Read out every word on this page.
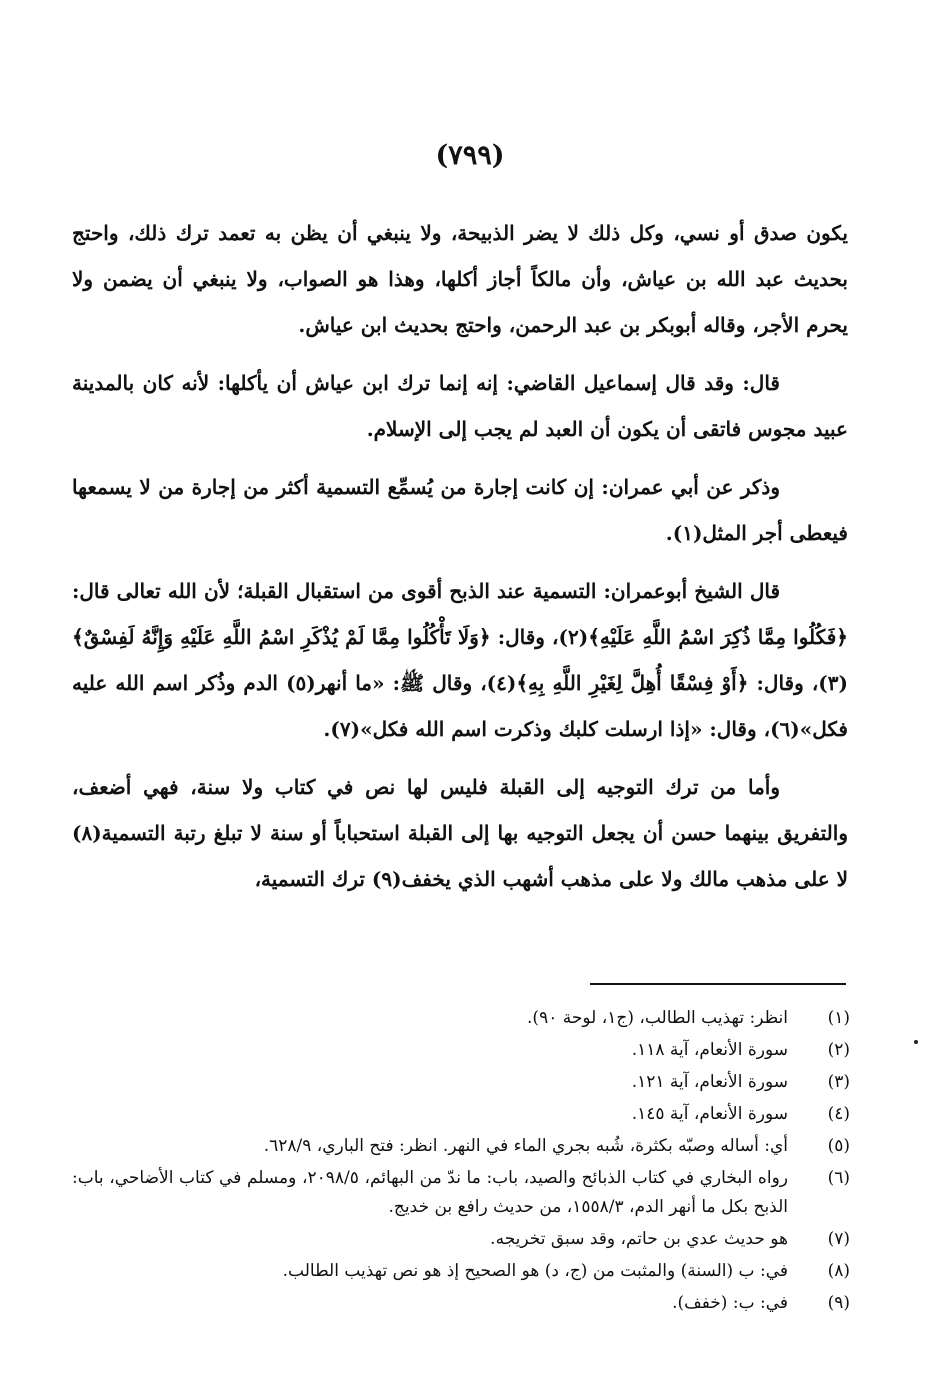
(٧٩٩)

يكون صدق أو نسي، وكل ذلك لا يضر الذبيحة، ولا ينبغي أن يظن به تعمد ترك ذلك، واحتج بحديث عبد الله بن عياش، وأن مالكاً أجاز أكلها، وهذا هو الصواب، ولا ينبغي أن يضمن ولا يحرم الأجر، وقاله أبوبكر بن عبد الرحمن، واحتج بحديث ابن عياش.

قال: وقد قال إسماعيل القاضي: إنه إنما ترك ابن عياش أن يأكلها: لأنه كان بالمدينة عبيد مجوس فاتقى أن يكون أن العبد لم يجب إلى الإسلام.

وذكر عن أبي عمران: إن كانت إجارة من يُسمِّع التسمية أكثر من إجارة من لا يسمعها فيعطى أجر المثل(١).

قال الشيخ أبوعمران: التسمية عند الذبح أقوى من استقبال القبلة؛ لأن الله تعالى قال: ﴿فَكُلُوا مِمَّا ذُكِرَ اسْمُ اللَّهِ عَلَيْهِ﴾(٢)، وقال: ﴿وَلَا تَأْكُلُوا مِمَّا لَمْ يُذْكَرِ اسْمُ اللَّهِ عَلَيْهِ وَإِنَّهُ لَفِسْقٌ﴾(٣)، وقال: ﴿أَوْ فِسْقًا أُهِلَّ لِغَيْرِ اللَّهِ بِهِ﴾(٤)، وقال ﷺ: «ما أنهر(٥) الدم وذُكر اسم الله عليه فكل»(٦)، وقال: «إذا ارسلت كلبك وذكرت اسم الله فكل»(٧).

وأما من ترك التوجيه إلى القبلة فليس لها نص في كتاب ولا سنة، فهي أضعف، والتفريق بينهما حسن أن يجعل التوجيه بها إلى القبلة استحباباً أو سنة لا تبلغ رتبة التسمية(٨) لا على مذهب مالك ولا على مذهب أشهب الذي يخفف(٩) ترك التسمية،

(١)
انظر: تهذيب الطالب، (ج١، لوحة ٩٠).
(٢)
سورة الأنعام، آية ١١٨.
(٣)
سورة الأنعام، آية ١٢١.
(٤)
سورة الأنعام، آية ١٤٥.
(٥)
أي: أساله وصبّه بكثرة، شُبه بجري الماء في النهر. انظر: فتح الباري، ٦٢٨/٩.
(٦)
رواه البخاري في كتاب الذبائح والصيد، باب: ما ندّ من البهائم، ٢٠٩٨/٥، ومسلم في كتاب الأضاحي، باب: الذبح بكل ما أنهر الدم، ١٥٥٨/٣، من حديث رافع بن خديج.
(٧)
هو حديث عدي بن حاتم، وقد سبق تخريجه.
(٨)
في: ب (السنة) والمثبت من (ج، د) هو الصحيح إذ هو نص تهذيب الطالب.
(٩)
في: ب: (خفف).
